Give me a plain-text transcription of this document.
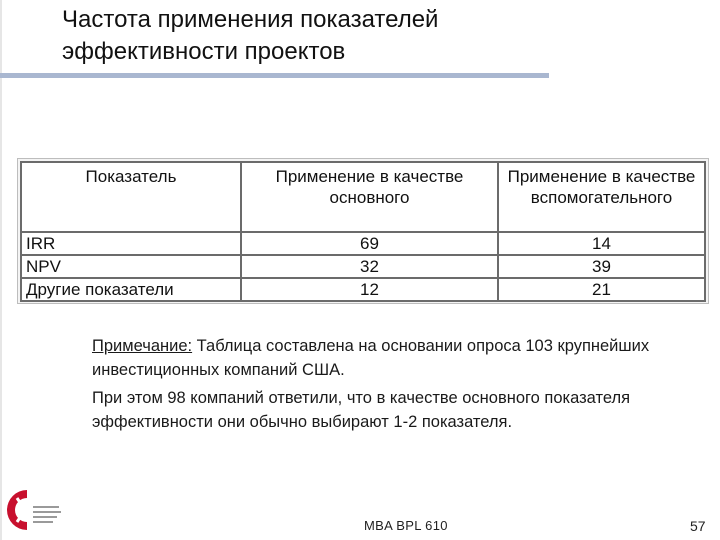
Частота применения показателей
эффективности проектов
Показатель	Применение в качестве основного	Применение в качестве вспомогательного
IRR	69	14
NPV	32	39
Другие показатели	12	21

Примечание: Таблица составлена на основании опроса 103 крупнейших инвестиционных компаний США.

При этом 98 компаний ответили, что в качестве основного показателя эффективности они обычно выбирают 1-2 показателя.

MBA BPL 610	57
